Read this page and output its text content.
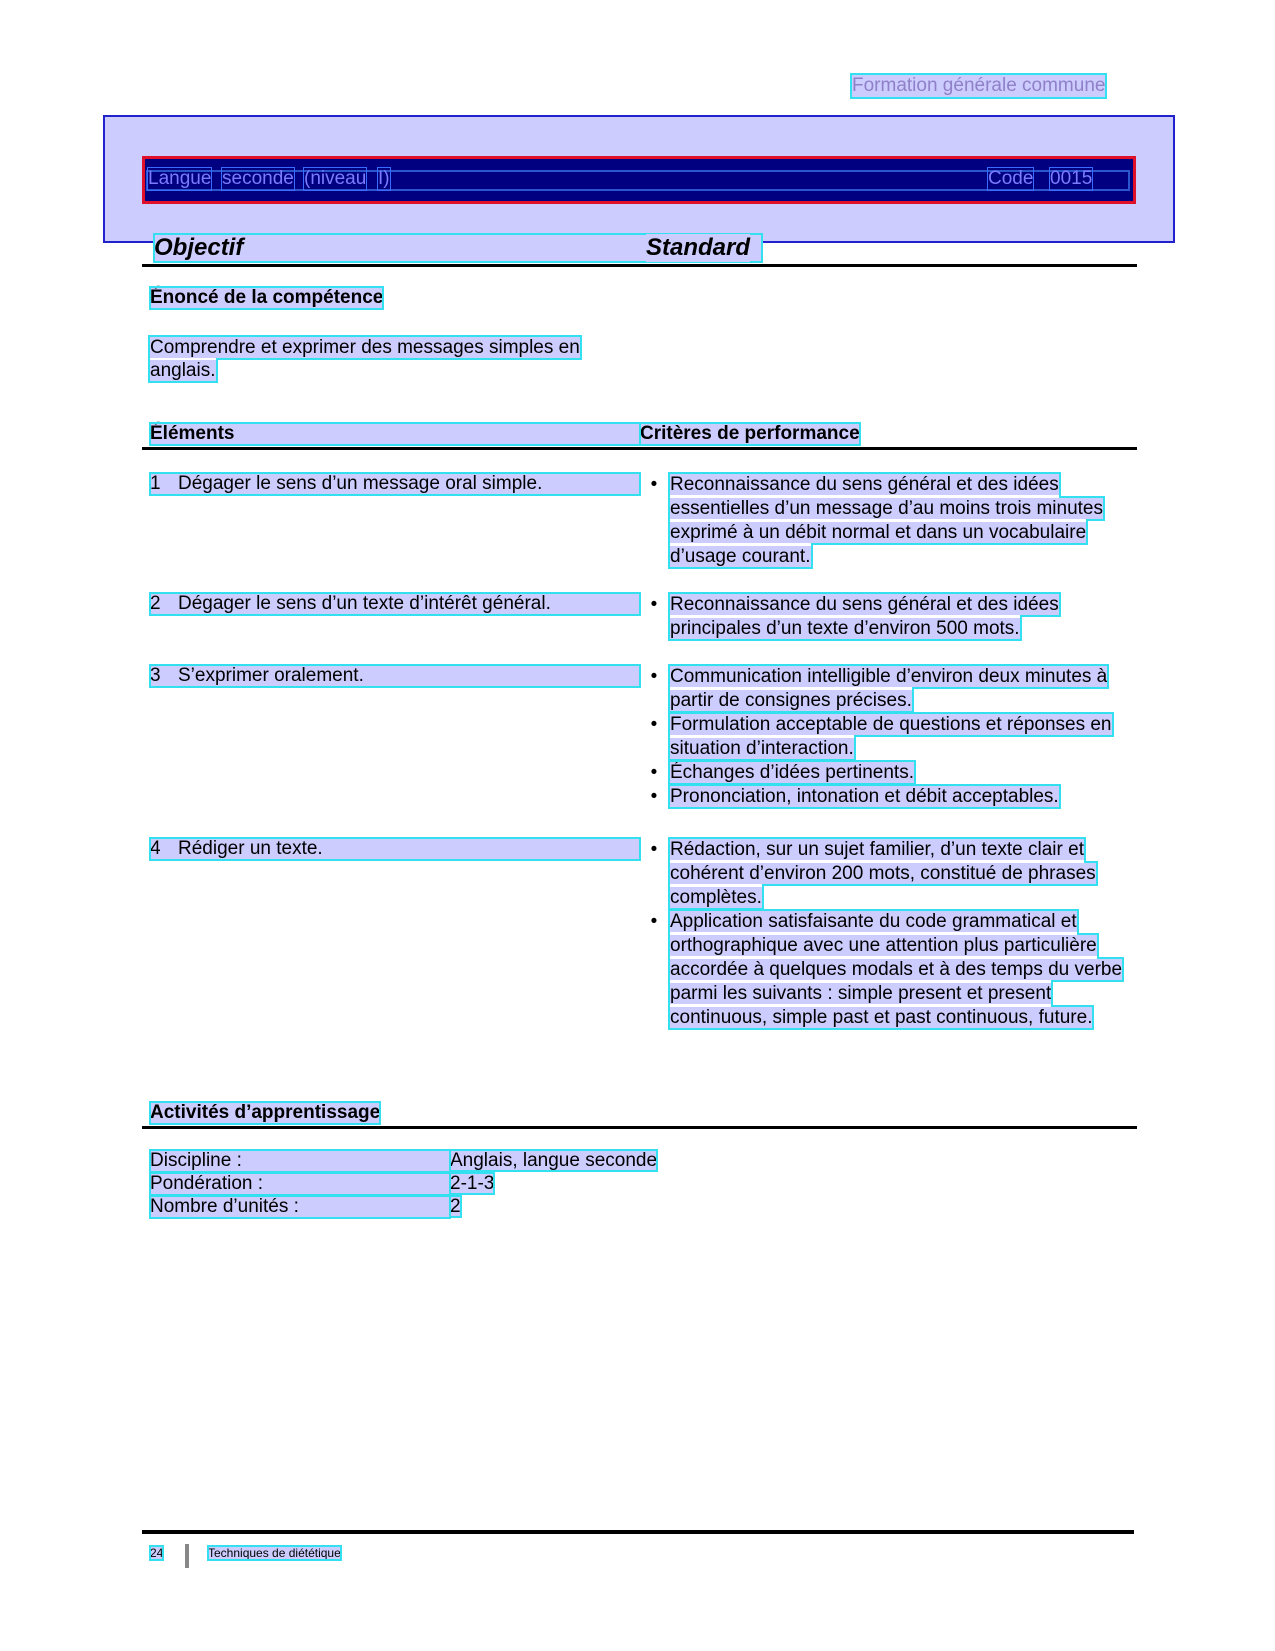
Formation générale commune
Langue seconde (niveau I)	Code 0015
Objectif	Standard
Énoncé de la compétence
Comprendre et exprimer des messages simples en anglais.
Éléments	Critères de performance
1 Dégager le sens d’un message oral simple.	• Reconnaissance du sens général et des idées essentielles d’un message d’au moins trois minutes exprimé à un débit normal et dans un vocabulaire d’usage courant.
2 Dégager le sens d’un texte d’intérêt général.	• Reconnaissance du sens général et des idées principales d’un texte d’environ 500 mots.
3 S’exprimer oralement.	• Communication intelligible d’environ deux minutes à partir de consignes précises.
• Formulation acceptable de questions et réponses en situation d’interaction.
• Échanges d’idées pertinents.
• Prononciation, intonation et débit acceptables.
4 Rédiger un texte.	• Rédaction, sur un sujet familier, d’un texte clair et cohérent d’environ 200 mots, constitué de phrases complètes.
• Application satisfaisante du code grammatical et orthographique avec une attention plus particulière accordée à quelques modals et à des temps du verbe parmi les suivants : simple present et present continuous, simple past et past continuous, future.
Activités d’apprentissage
Discipline :	Anglais, langue seconde
Pondération :	2-1-3
Nombre d’unités :	2
24	Techniques de diététique
